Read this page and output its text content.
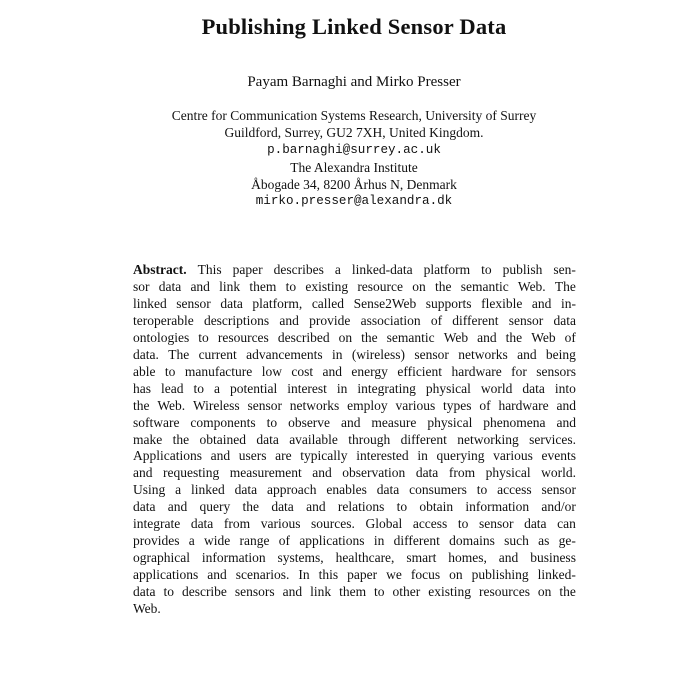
Publishing Linked Sensor Data
Payam Barnaghi and Mirko Presser
Centre for Communication Systems Research, University of Surrey
Guildford, Surrey, GU2 7XH, United Kingdom.
p.barnaghi@surrey.ac.uk
The Alexandra Institute
Åbogade 34, 8200 Århus N, Denmark
mirko.presser@alexandra.dk
Abstract. This paper describes a linked-data platform to publish sen-
sor data and link them to existing resource on the semantic Web. The
linked sensor data platform, called Sense2Web supports flexible and in-
teroperable descriptions and provide association of different sensor data
ontologies to resources described on the semantic Web and the Web of
data. The current advancements in (wireless) sensor networks and being
able to manufacture low cost and energy efficient hardware for sensors
has lead to a potential interest in integrating physical world data into
the Web. Wireless sensor networks employ various types of hardware and
software components to observe and measure physical phenomena and
make the obtained data available through different networking services.
Applications and users are typically interested in querying various events
and requesting measurement and observation data from physical world.
Using a linked data approach enables data consumers to access sensor
data and query the data and relations to obtain information and/or
integrate data from various sources. Global access to sensor data can
provides a wide range of applications in different domains such as ge-
ographical information systems, healthcare, smart homes, and business
applications and scenarios. In this paper we focus on publishing linked-
data to describe sensors and link them to other existing resources on the
Web.
